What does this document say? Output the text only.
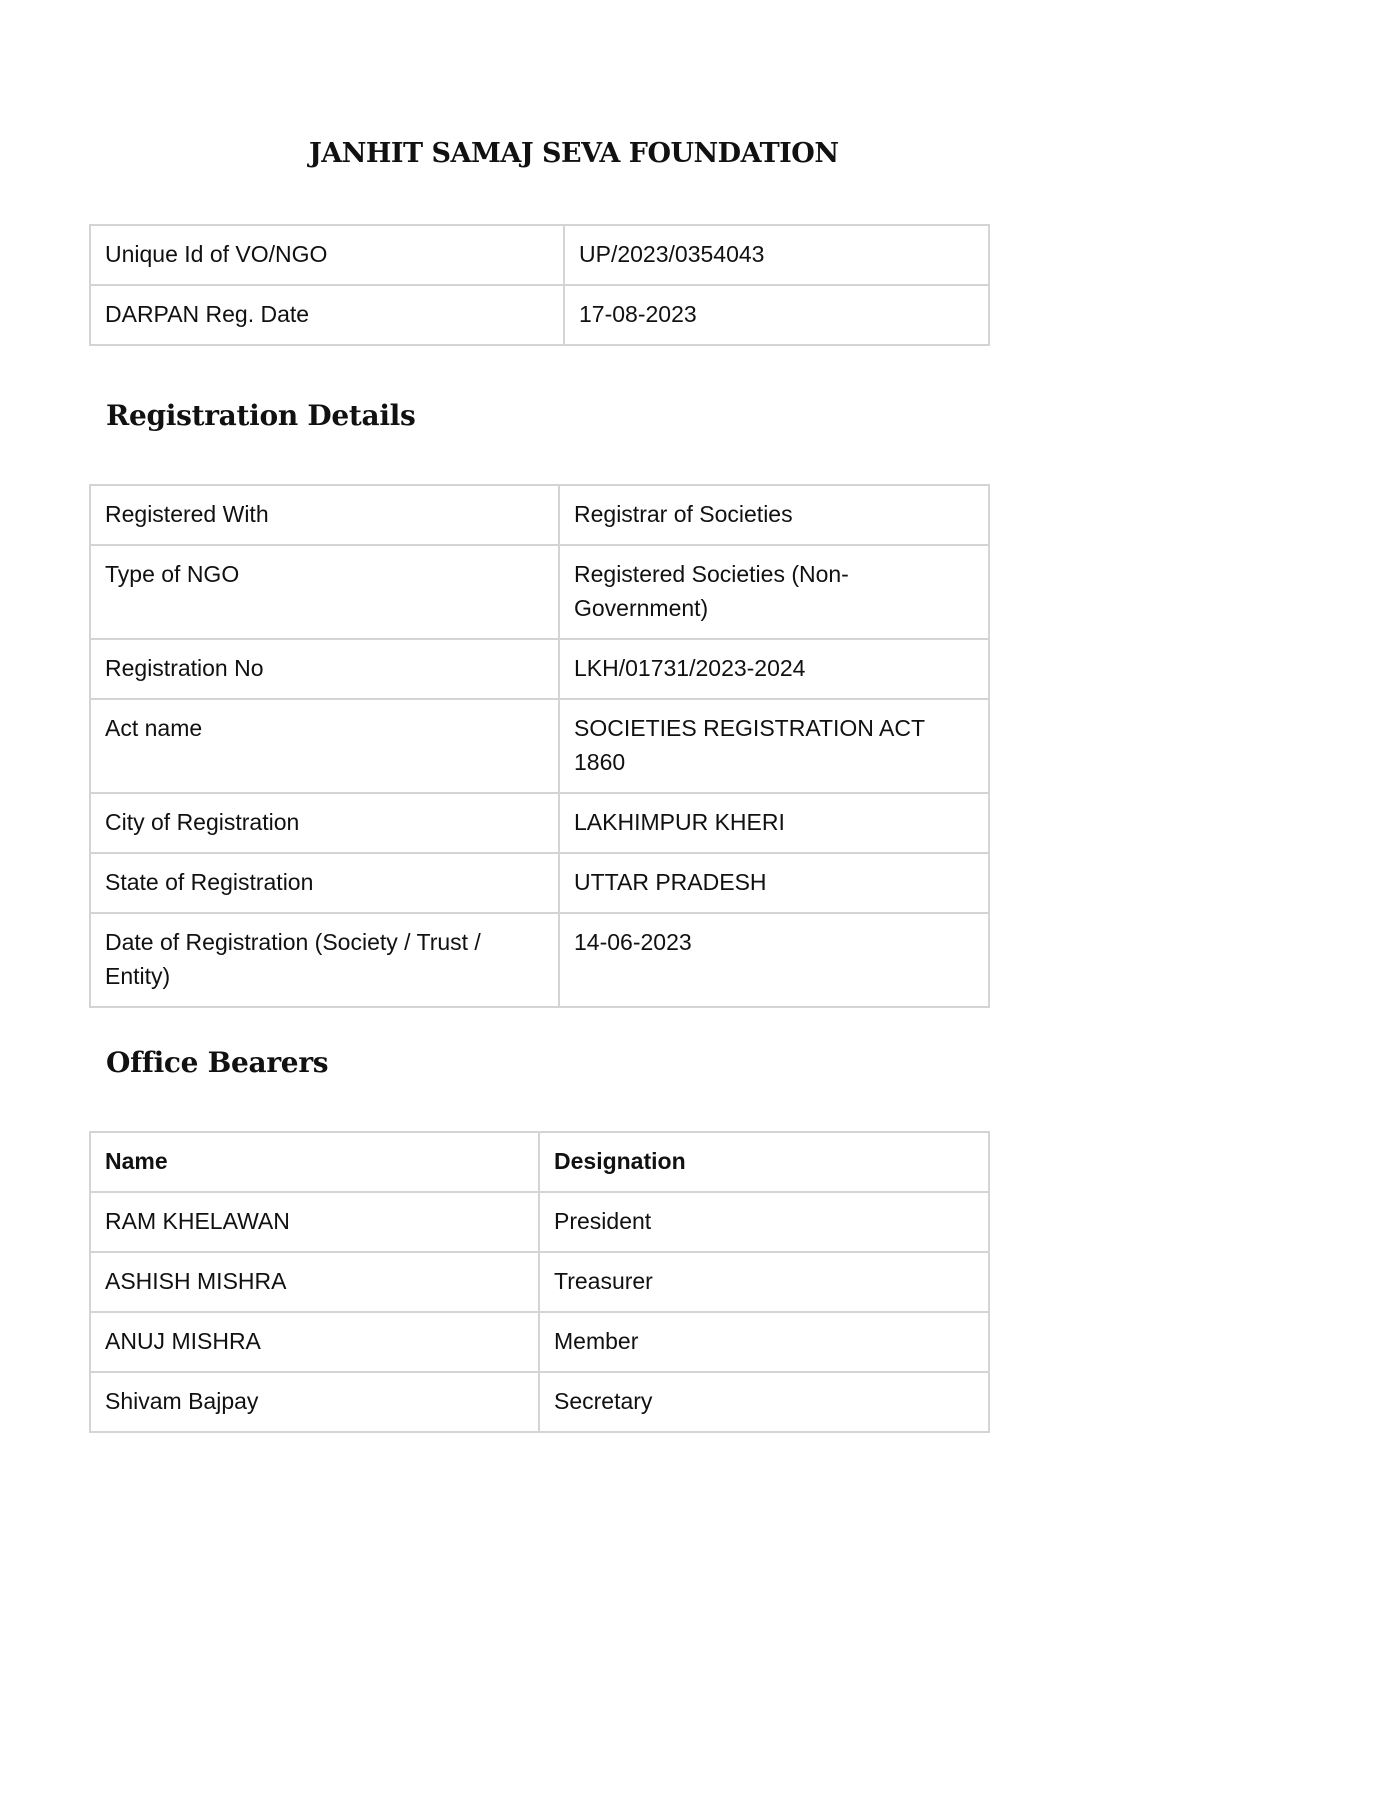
JANHIT SAMAJ SEVA FOUNDATION
Unique Id of VO/NGO	UP/2023/0354043
DARPAN Reg. Date	17-08-2023
Registration Details
Registered With	Registrar of Societies
Type of NGO	Registered Societies (Non-Government)
Registration No	LKH/01731/2023-2024
Act name	SOCIETIES REGISTRATION ACT 1860
City of Registration	LAKHIMPUR KHERI
State of Registration	UTTAR PRADESH
Date of Registration (Society / Trust / Entity)	14-06-2023
Office Bearers
Name	Designation
RAM KHELAWAN	President
ASHISH MISHRA	Treasurer
ANUJ MISHRA	Member
Shivam Bajpay	Secretary
